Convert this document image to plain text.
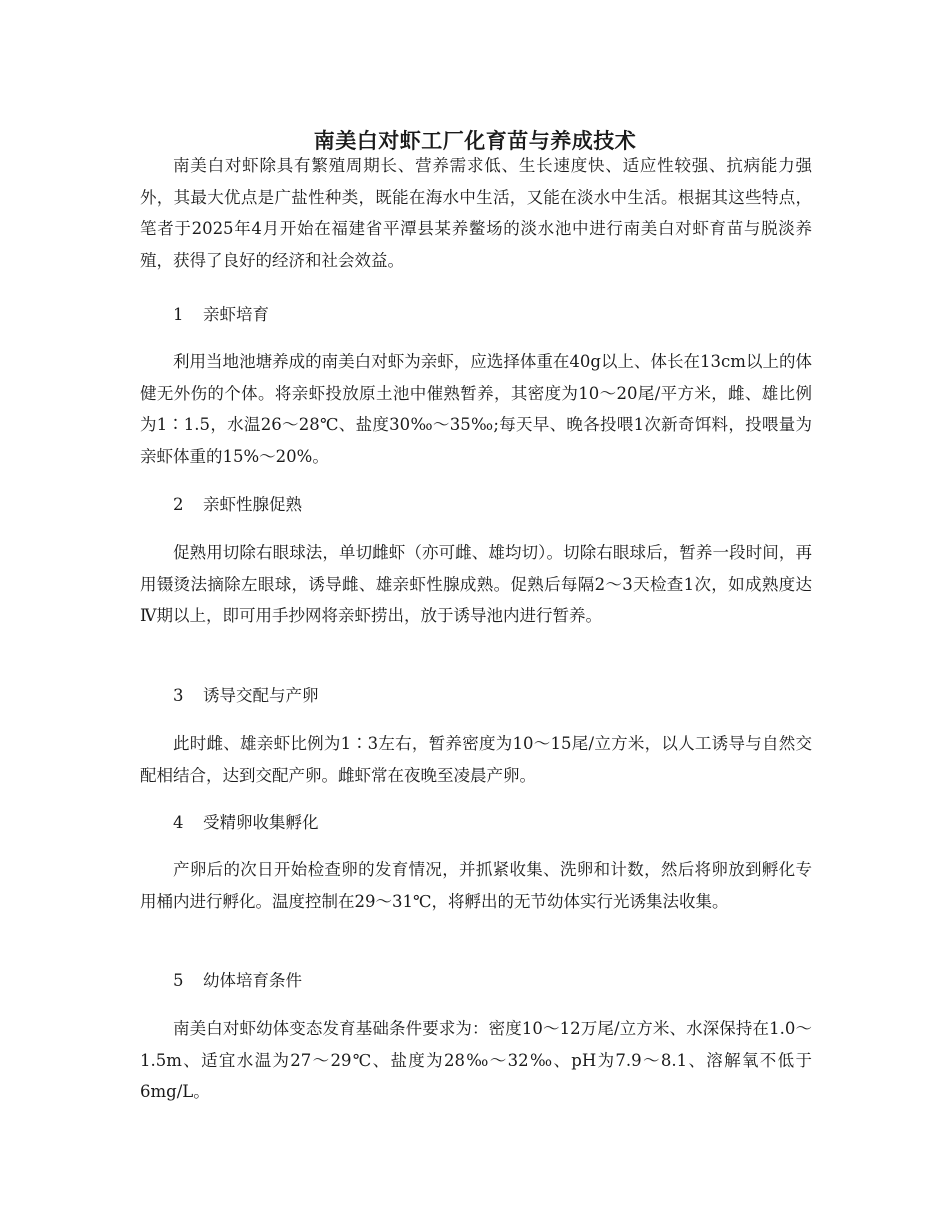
南美白对虾工厂化育苗与养成技术

南美白对虾除具有繁殖周期长、营养需求低、生长速度快、适应性较强、抗病能力强外，其最大优点是广盐性种类，既能在海水中生活，又能在淡水中生活。根据其这些特点，笔者于2025年4月开始在福建省平潭县某养鳖场的淡水池中进行南美白对虾育苗与脱淡养殖，获得了良好的经济和社会效益。

1 亲虾培育

利用当地池塘养成的南美白对虾为亲虾，应选择体重在40g以上、体长在13cm以上的体健无外伤的个体。将亲虾投放原土池中催熟暂养，其密度为10～20尾/平方米，雌、雄比例为1∶1.5，水温26～28℃、盐度30‰～35‰;每天早、晚各投喂1次新奇饵料，投喂量为亲虾体重的15%～20%。

2 亲虾性腺促熟

促熟用切除右眼球法，单切雌虾（亦可雌、雄均切）。切除右眼球后，暂养一段时间，再用镊烫法摘除左眼球，诱导雌、雄亲虾性腺成熟。促熟后每隔2～3天检查1次，如成熟度达Ⅳ期以上，即可用手抄网将亲虾捞出，放于诱导池内进行暂养。

3 诱导交配与产卵

此时雌、雄亲虾比例为1∶3左右，暂养密度为10～15尾/立方米，以人工诱导与自然交配相结合，达到交配产卵。雌虾常在夜晚至凌晨产卵。

4 受精卵收集孵化

产卵后的次日开始检查卵的发育情况，并抓紧收集、洗卵和计数，然后将卵放到孵化专用桶内进行孵化。温度控制在29～31℃，将孵出的无节幼体实行光诱集法收集。

5 幼体培育条件

南美白对虾幼体变态发育基础条件要求为：密度10～12万尾/立方米、水深保持在1.0～1.5m、适宜水温为27～29℃、盐度为28‰～32‰、pH为7.9～8.1、溶解氧不低于6mg/L。
